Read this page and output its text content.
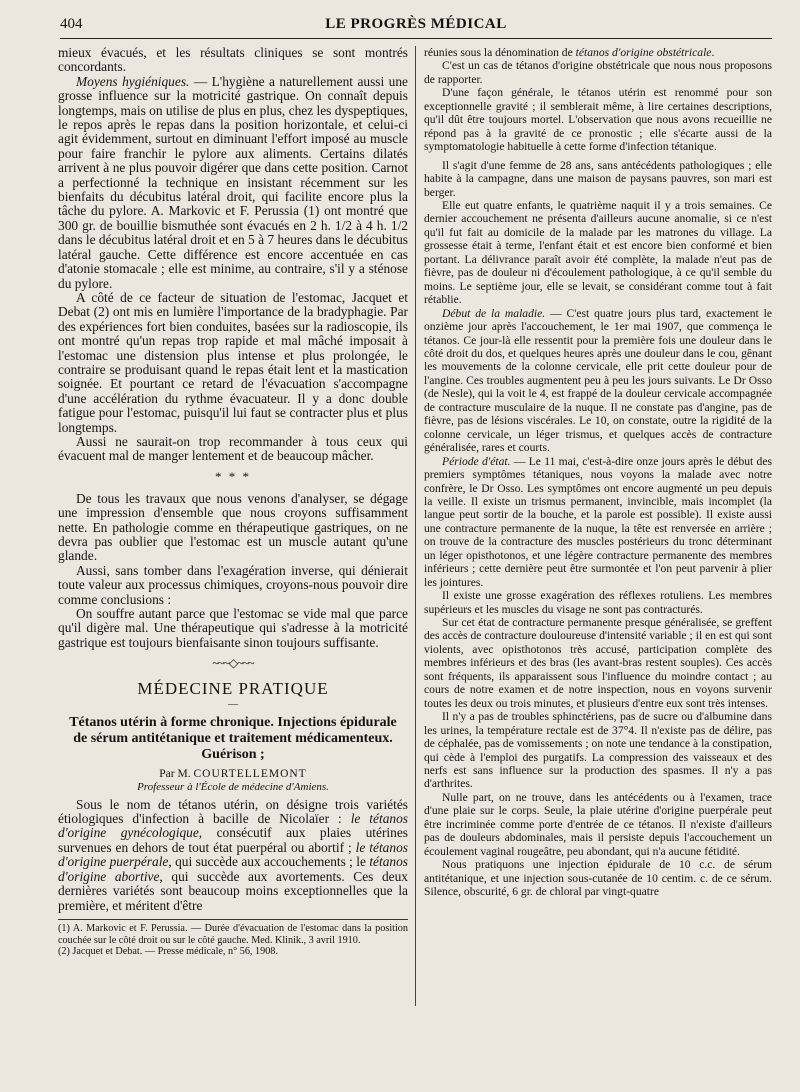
404	LE PROGRÈS MÉDICAL

mieux évacués, et les résultats cliniques se sont montrés concordants.

Moyens hygiéniques. — L'hygiène a naturellement aussi une grosse influence sur la motricité gastrique. On connaît depuis longtemps, mais on utilise de plus en plus, chez les dyspeptiques, le repos après le repas dans la position horizontale, et celui-ci agit évidemment, surtout en diminuant l'effort imposé au muscle pour faire franchir le pylore aux aliments. Certains dilatés arrivent à ne plus pouvoir digérer que dans cette position. Carnot a perfectionné la technique en insistant récemment sur les bienfaits du décubitus latéral droit, qui facilite encore plus la tâche du pylore. A. Markovic et F. Perussia (1) ont montré que 300 gr. de bouillie bismuthée sont évacués en 2 h. 1/2 à 4 h. 1/2 dans le décubitus latéral droit et en 5 à 7 heures dans le décubitus latéral gauche. Cette différence est encore accentuée en cas d'atonie stomacale ; elle est minime, au contraire, s'il y a sténose du pylore.

A côté de ce facteur de situation de l'estomac, Jacquet et Debat (2) ont mis en lumière l'importance de la bradyphagie. Par des expériences fort bien conduites, basées sur la radioscopie, ils ont montré qu'un repas trop rapide et mal mâché imposait à l'estomac une distension plus intense et plus prolongée, le contraire se produisant quand le repas était lent et la mastication soignée. Et pourtant ce retard de l'évacuation s'accompagne d'une accélération du rythme évacuateur. Il y a donc double fatigue pour l'estomac, puisqu'il lui faut se contracter plus et plus longtemps.

Aussi ne saurait-on trop recommander à tous ceux qui évacuent mal de manger lentement et de beaucoup mâcher.

* * *

De tous les travaux que nous venons d'analyser, se dégage une impression d'ensemble que nous croyons suffisamment nette. En pathologie comme en thérapeutique gastriques, on ne devra pas oublier que l'estomac est un muscle autant qu'une glande.

Aussi, sans tomber dans l'exagération inverse, qui dénierait toute valeur aux processus chimiques, croyons-nous pouvoir dire comme conclusions :

On souffre autant parce que l'estomac se vide mal que parce qu'il digère mal. Une thérapeutique qui s'adresse à la motricité gastrique est toujours bienfaisante sinon toujours suffisante.

~~~◇~~~
MÉDECINE PRATIQUE
—
Tétanos utérin à forme chronique. Injections épidurale de sérum antitétanique et traitement médicamenteux. Guérison ;
Par M. COURTELLEMONT
Professeur à l'École de médecine d'Amiens.

Sous le nom de tétanos utérin, on désigne trois variétés étiologiques d'infection à bacille de Nicolaïer : le tétanos d'origine gynécologique, consécutif aux plaies utérines survenues en dehors de tout état puerpéral ou abortif ; le tétanos d'origine puerpérale, qui succède aux accouchements ; le tétanos d'origine abortive, qui succède aux avortements. Ces deux dernières variétés sont beaucoup moins exceptionnelles que la première, et méritent d'être

(1) A. Markovic et F. Perussia. — Durée d'évacuation de l'estomac dans la position couchée sur le côté droit ou sur le côté gauche. Med. Klinik., 3 avril 1910.

(2) Jacquet et Debat. — Presse médicale, n° 56, 1908.

réunies sous la dénomination de tétanos d'origine obstétricale.

C'est un cas de tétanos d'origine obstétricale que nous nous proposons de rapporter.

D'une façon générale, le tétanos utérin est renommé pour son exceptionnelle gravité ; il semblerait même, à lire certaines descriptions, qu'il dût être toujours mortel. L'observation que nous avons recueillie ne répond pas à la gravité de ce pronostic ; elle s'écarte aussi de la symptomatologie habituelle à cette forme d'infection tétanique.

Il s'agit d'une femme de 28 ans, sans antécédents pathologiques ; elle habite à la campagne, dans une maison de paysans pauvres, son mari est berger.

Elle eut quatre enfants, le quatrième naquit il y a trois semaines. Ce dernier accouchement ne présenta d'ailleurs aucune anomalie, si ce n'est qu'il fut fait au domicile de la malade par les matrones du village. La grossesse était à terme, l'enfant était et est encore bien conformé et bien portant. La délivrance paraît avoir été complète, la malade n'eut pas de fièvre, pas de douleur ni d'écoulement pathologique, à ce qu'il semble du moins. Le septième jour, elle se levait, se considérant comme tout à fait rétablie.

Début de la maladie. — C'est quatre jours plus tard, exactement le onzième jour après l'accouchement, le 1er mai 1907, que commença le tétanos. Ce jour-là elle ressentit pour la première fois une douleur dans le côté droit du dos, et quelques heures après une douleur dans le cou, gênant les mouvements de la colonne cervicale, elle prit cette douleur pour de l'angine. Ces troubles augmentent peu à peu les jours suivants. Le Dr Osso (de Nesle), qui la voit le 4, est frappé de la douleur cervicale accompagnée de contracture musculaire de la nuque. Il ne constate pas d'angine, pas de fièvre, pas de lésions viscérales. Le 10, on constate, outre la rigidité de la colonne cervicale, un léger trismus, et quelques accès de contracture généralisée, rares et courts.

Période d'état. — Le 11 mai, c'est-à-dire onze jours après le début des premiers symptômes tétaniques, nous voyons la malade avec notre confrère, le Dr Osso. Les symptômes ont encore augmenté un peu depuis la veille. Il existe un trismus permanent, invincible, mais incomplet (la langue peut sortir de la bouche, et la parole est possible). Il existe aussi une contracture permanente de la nuque, la tête est renversée en arrière ; on trouve de la contracture des muscles postérieurs du tronc déterminant un léger opisthotonos, et une légère contracture permanente des membres inférieurs ; cette dernière peut être surmontée et l'on peut parvenir à plier les jointures.

Il existe une grosse exagération des réflexes rotuliens. Les membres supérieurs et les muscles du visage ne sont pas contracturés.

Sur cet état de contracture permanente presque généralisée, se greffent des accès de contracture douloureuse d'intensité variable ; il en est qui sont violents, avec opisthotonos très accusé, participation complète des membres inférieurs et des bras (les avant-bras restent souples). Ces accès sont fréquents, ils apparaissent sous l'influence du moindre contact ; au cours de notre examen et de notre inspection, nous en voyons survenir toutes les deux ou trois minutes, et plusieurs d'entre eux sont très intenses.

Il n'y a pas de troubles sphinctériens, pas de sucre ou d'albumine dans les urines, la température rectale est de 37°4. Il n'existe pas de délire, pas de céphalée, pas de vomissements ; on note une tendance à la constipation, qui cède à l'emploi des purgatifs. La compression des vaisseaux et des nerfs est sans influence sur la production des spasmes. Il n'y a pas d'arthrites.

Nulle part, on ne trouve, dans les antécédents ou à l'examen, trace d'une plaie sur le corps. Seule, la plaie utérine d'origine puerpérale peut être incriminée comme porte d'entrée de ce tétanos. Il n'existe d'ailleurs pas de douleurs abdominales, mais il persiste depuis l'accouchement un écoulement vaginal rougeâtre, peu abondant, qui n'a aucune fétidité.

Nous pratiquons une injection épidurale de 10 c.c. de sérum antitétanique, et une injection sous-cutanée de 10 centim. c. de ce sérum. Silence, obscurité, 6 gr. de chloral par vingt-quatre
